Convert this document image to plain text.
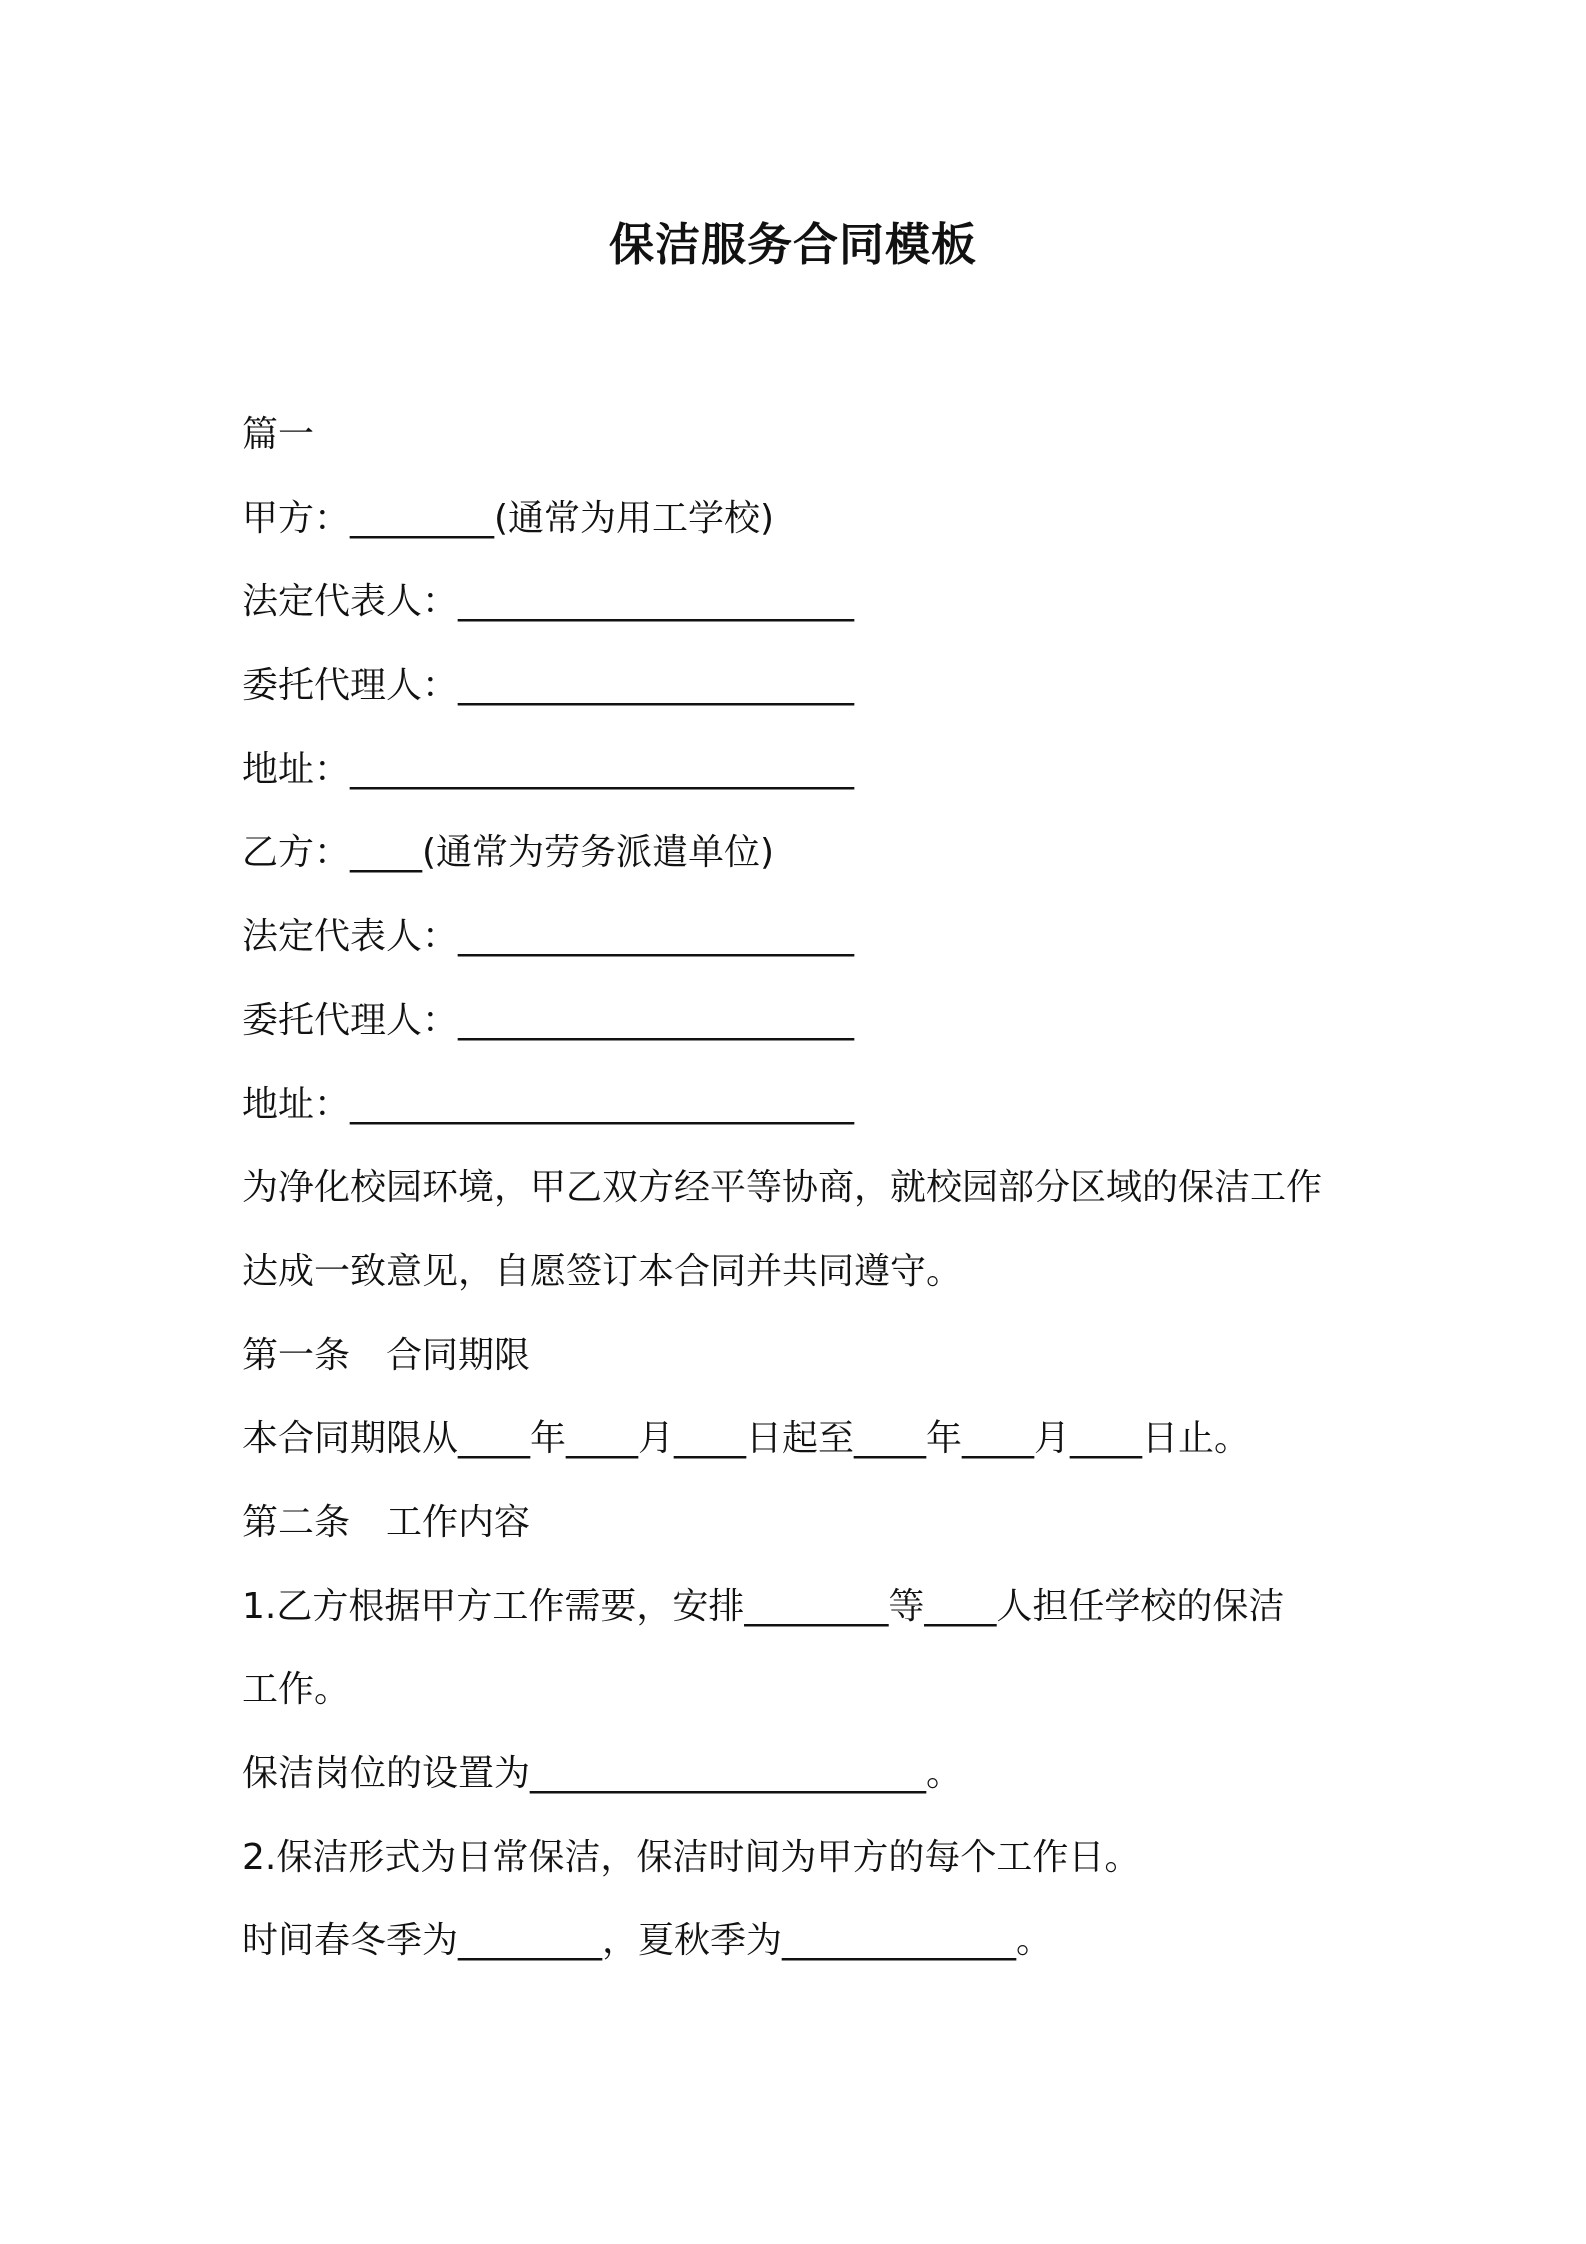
保洁服务合同模板
篇一
甲方：________(通常为用工学校)
法定代表人：______________________
委托代理人：______________________
地址：____________________________
乙方：____(通常为劳务派遣单位)
法定代表人：______________________
委托代理人：______________________
地址：____________________________
为净化校园环境，甲乙双方经平等协商，就校园部分区域的保洁工作
达成一致意见，自愿签订本合同并共同遵守。
第一条　合同期限
本合同期限从____年____月____日起至____年____月____日止。
第二条　工作内容
1.乙方根据甲方工作需要，安排________等____人担任学校的保洁
工作。
保洁岗位的设置为______________________。
2.保洁形式为日常保洁，保洁时间为甲方的每个工作日。
时间春冬季为________，夏秋季为_____________。
